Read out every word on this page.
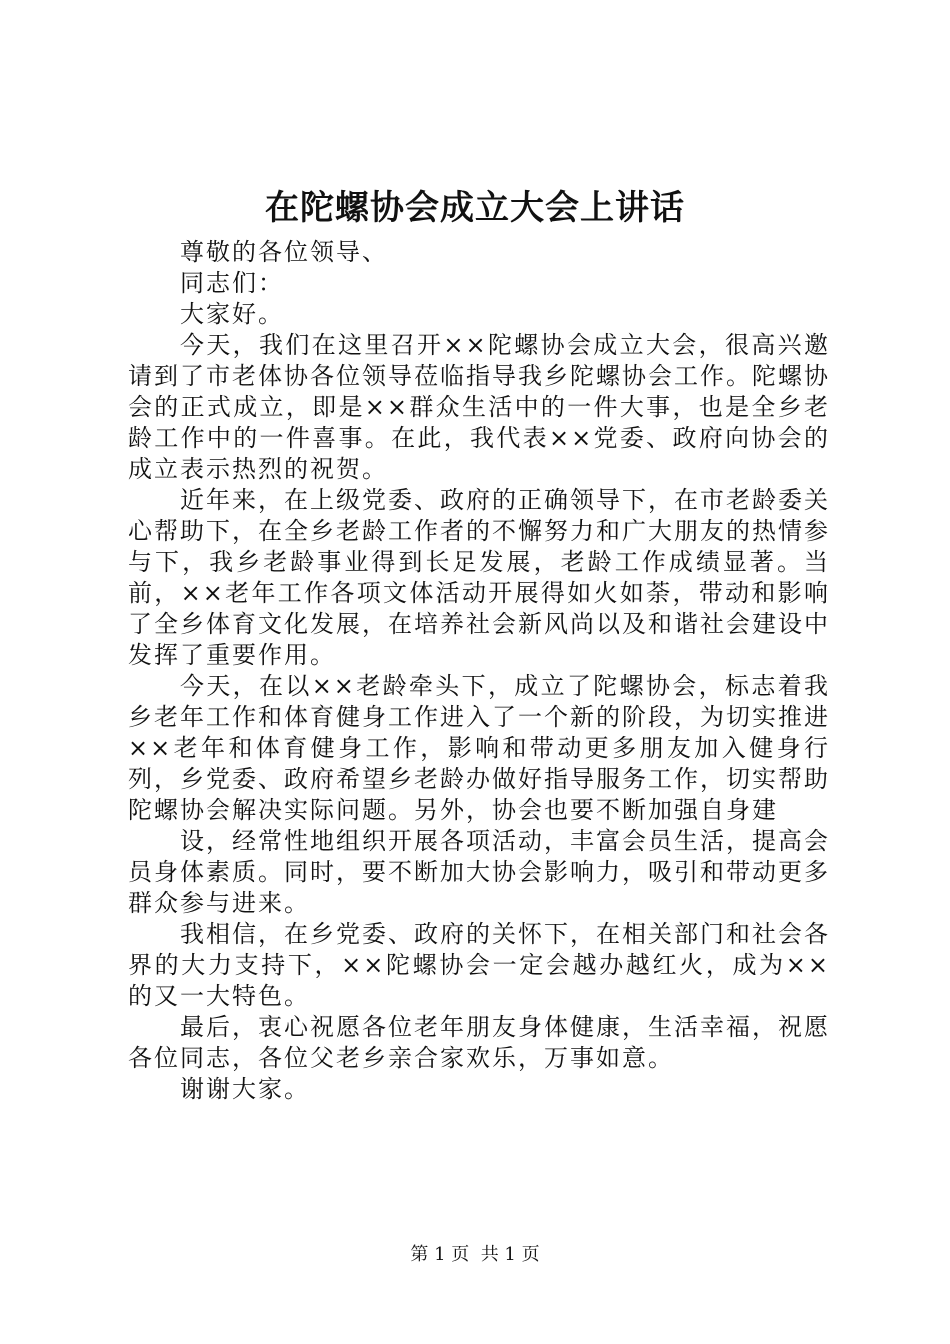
在陀螺协会成立大会上讲话

尊敬的各位领导、

同志们：

大家好。

今天，我们在这里召开××陀螺协会成立大会，很高兴邀请到了市老体协各位领导莅临指导我乡陀螺协会工作。陀螺协会的正式成立，即是××群众生活中的一件大事，也是全乡老龄工作中的一件喜事。在此，我代表××党委、政府向协会的成立表示热烈的祝贺。

近年来，在上级党委、政府的正确领导下，在市老龄委关心帮助下，在全乡老龄工作者的不懈努力和广大朋友的热情参与下，我乡老龄事业得到长足发展，老龄工作成绩显著。当前，××老年工作各项文体活动开展得如火如荼，带动和影响了全乡体育文化发展，在培养社会新风尚以及和谐社会建设中发挥了重要作用。

今天，在以××老龄牵头下，成立了陀螺协会，标志着我乡老年工作和体育健身工作进入了一个新的阶段，为切实推进××老年和体育健身工作，影响和带动更多朋友加入健身行列，乡党委、政府希望乡老龄办做好指导服务工作，切实帮助陀螺协会解决实际问题。另外，协会也要不断加强自身建

设，经常性地组织开展各项活动，丰富会员生活，提高会员身体素质。同时，要不断加大协会影响力，吸引和带动更多群众参与进来。

我相信，在乡党委、政府的关怀下，在相关部门和社会各界的大力支持下，××陀螺协会一定会越办越红火，成为××的又一大特色。

最后，衷心祝愿各位老年朋友身体健康，生活幸福，祝愿各位同志，各位父老乡亲合家欢乐，万事如意。

谢谢大家。

第 1 页  共 1 页
